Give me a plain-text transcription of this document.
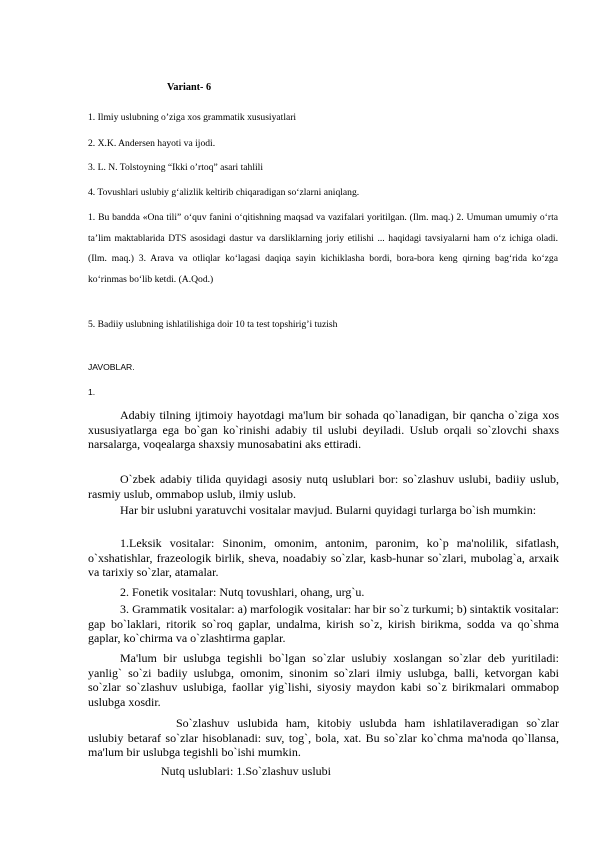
Variant- 6
1. Ilmiy uslubning o’ziga xos grammatik xususiyatlari
2. X.K. Andersen hayoti va ijodi.
3. L. N. Tolstoyning “Ikki o’rtoq” asari tahlili
4. Tovushlari uslubiy g‘alizlik keltirib chiqaradigan so‘zlarni aniqlang.

1. Bu bandda «Ona tili” o‘quv fanini o‘qitishning maqsad va vazifalari yoritilgan. (Ilm. maq.) 2. Umuman umumiy o‘rta ta’lim maktablarida DTS asosidagi dastur va darsliklarning joriy etilishi ... haqidagi tavsiyalarni ham o‘z ichiga oladi.(Ilm. maq.) 3. Arava va otliqlar ko‘lagasi daqiqa sayin kichiklasha bordi, bora-bora keng qirning bag‘rida ko‘zga ko‘rinmas bo‘lib ketdi. (A.Qod.)

5. Badiiy uslubning ishlatilishiga doir 10 ta test topshirig’i tuzish
JAVOBLAR.
1.

Adabiy tilning ijtimoiy hayotdagi ma'lum bir sohada qo`lanadigan, bir qancha o`ziga xos xususiyatlarga ega bo`gan ko`rinishi adabiy til uslubi deyiladi. Uslub orqali so`zlovchi shaxs narsalarga, voqealarga shaxsiy munosabatini aks ettiradi.

O`zbek adabiy tilida quyidagi asosiy nutq uslublari bor: so`zlashuv uslubi, badiiy uslub, rasmiy uslub, ommabop uslub, ilmiy uslub.

Har bir uslubni yaratuvchi vositalar mavjud. Bularni quyidagi turlarga bo`ish mumkin:

1.Leksik vositalar: Sinonim, omonim, antonim, paronim, ko`p ma'nolilik, sifatlash, o`xshatishlar, frazeologik birlik, sheva, noadabiy so`zlar, kasb-hunar so`zlari, mubolag`a, arxaik va tarixiy so`zlar, atamalar.

2. Fonetik vositalar: Nutq tovushlari, ohang, urg`u.

3. Grammatik vositalar: a) marfologik vositalar: har bir so`z turkumi; b) sintaktik vositalar: gap bo`laklari, ritorik so`roq gaplar, undalma, kirish so`z, kirish birikma, sodda va qo`shma gaplar, ko`chirma va o`zlashtirma gaplar.

Ma'lum bir uslubga tegishli bo`lgan so`zlar uslubiy xoslangan so`zlar deb yuritiladi: yanlig` so`zi badiiy uslubga, omonim, sinonim so`zlari ilmiy uslubga, balli, ketvorgan kabi so`zlar so`zlashuv uslubiga, faollar yig`lishi, siyosiy maydon kabi so`z birikmalari ommabop uslubga xosdir.

So`zlashuv uslubida ham, kitobiy uslubda ham ishlatilaveradigan so`zlar uslubiy betaraf so`zlar hisoblanadi: suv, tog`, bola, xat. Bu so`zlar ko`chma ma'noda qo`llansa, ma'lum bir uslubga tegishli bo`ishi mumkin.

Nutq uslublari: 1.So`zlashuv uslubi
